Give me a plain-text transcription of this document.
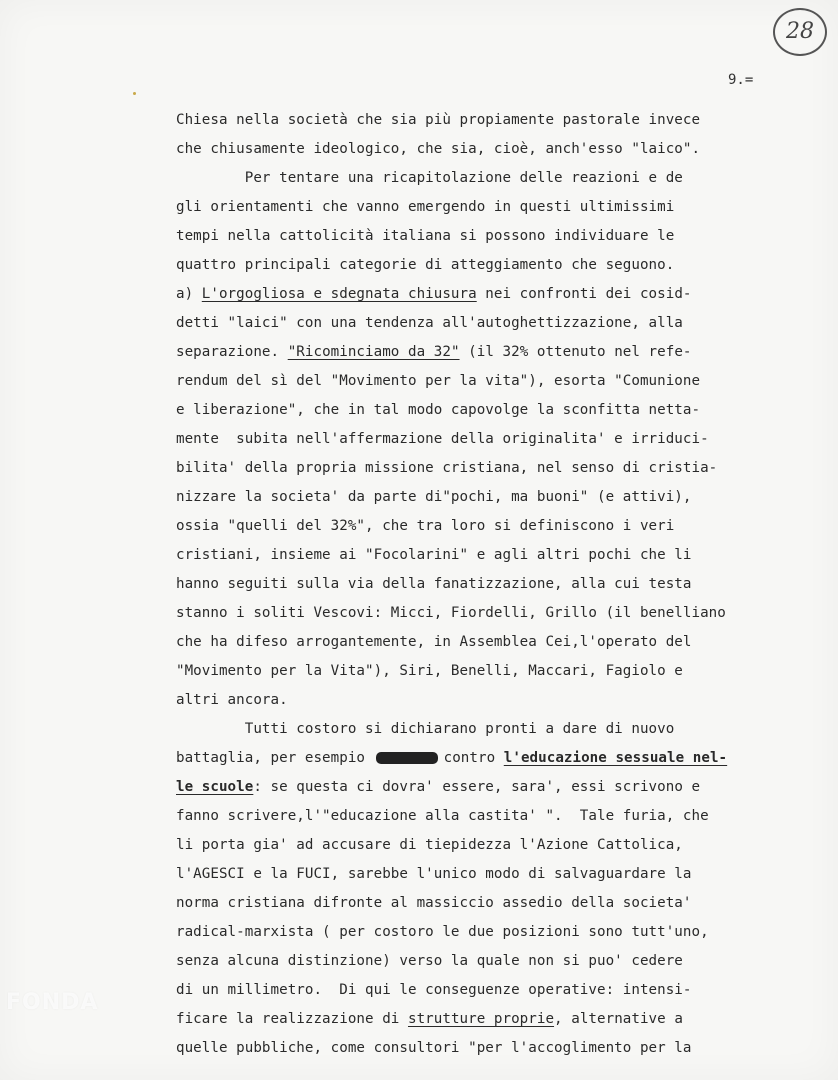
28
9.=
Chiesa nella società che sia più propiamente pastorale invece
che chiusamente ideologico, che sia, cioè, anch'esso "laico".
Per tentare una ricapitolazione delle reazioni e de
gli orientamenti che vanno emergendo in questi ultimissimi
tempi nella cattolicità italiana si possono individuare le
quattro principali categorie di atteggiamento che seguono.
a) L'orgogliosa e sdegnata chiusura nei confronti dei cosid-
detti "laici" con una tendenza all'autoghettizzazione, alla
separazione. "Ricominciamo da 32" (il 32% ottenuto nel refe-
rendum del sì del "Movimento per la vita"), esorta "Comunione
e liberazione", che in tal modo capovolge la sconfitta netta-
mente  subita nell'affermazione della originalita' e irriduci-
bilita' della propria missione cristiana, nel senso di cristia-
nizzare la societa' da parte di"pochi, ma buoni" (e attivi),
ossia "quelli del 32%", che tra loro si definiscono i veri
cristiani, insieme ai "Focolarini" e agli altri pochi che li
hanno seguiti sulla via della fanatizzazione, alla cui testa
stanno i soliti Vescovi: Micci, Fiordelli, Grillo (il benelliano
che ha difeso arrogantemente, in Assemblea Cei,l'operato del
"Movimento per la Vita"), Siri, Benelli, Maccari, Fagiolo e
altri ancora.
Tutti costoro si dichiarano pronti a dare di nuovo
battaglia, per esempio	contro l'educazione sessuale nel-
le scuole: se questa ci dovra' essere, sara', essi scrivono e
fanno scrivere,l'"educazione alla castita' ".  Tale furia, che
li porta gia' ad accusare di tiepidezza l'Azione Cattolica,
l'AGESCI e la FUCI, sarebbe l'unico modo di salvaguardare la
norma cristiana difronte al massiccio assedio della societa'
radical-marxista ( per costoro le due posizioni sono tutt'uno,
senza alcuna distinzione) verso la quale non si puo' cedere
di un millimetro.  Di qui le conseguenze operative: intensi-
ficare la realizzazione di strutture proprie, alternative a
quelle pubbliche, come consultori "per l'accoglimento per la
FONDA
